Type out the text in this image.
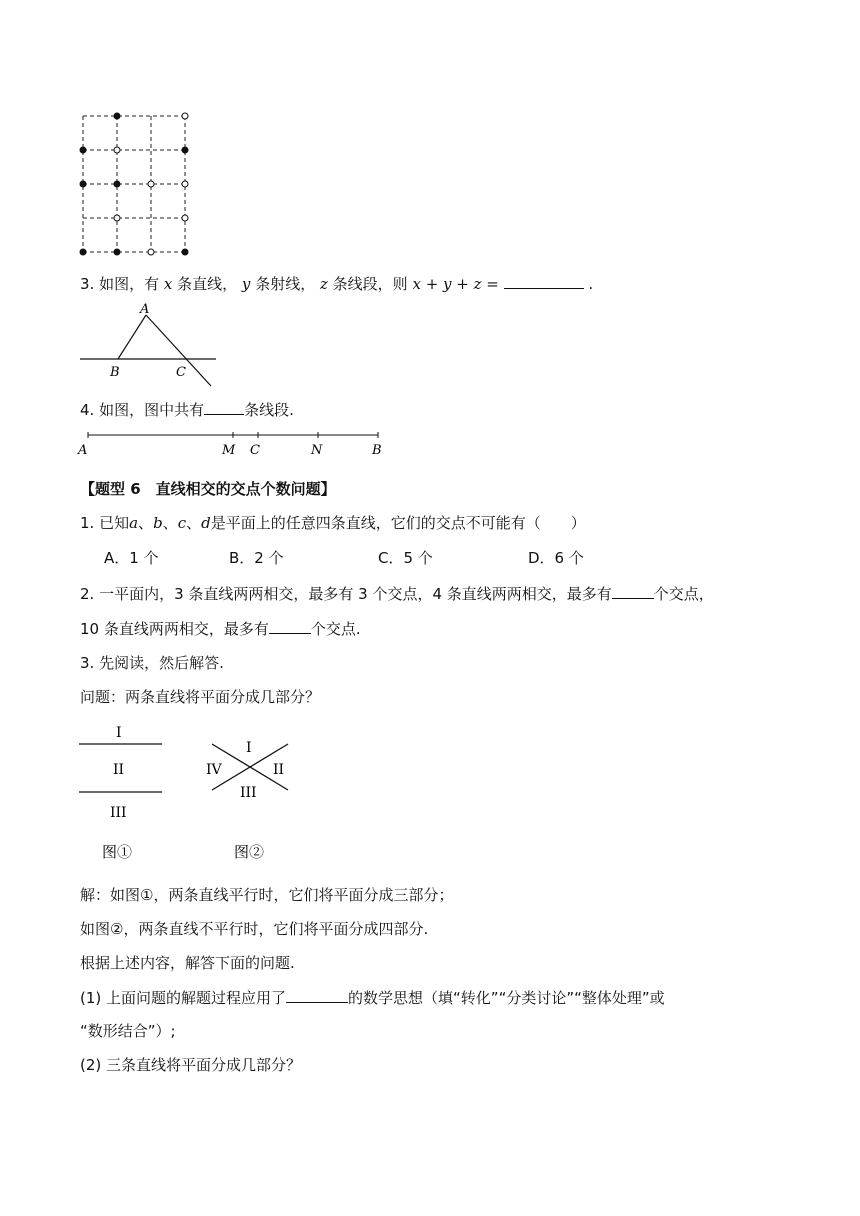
3. 如图，有 x 条直线， y 条射线， z 条线段，则 x + y + z =	.
A
B	C
4. 如图，图中共有	条线段.
A	M C	N	B
【题型 6　直线相交的交点个数问题】
1. 已知a、b、c、d是平面上的任意四条直线，它们的交点不可能有（　　）
A．1 个	B．2 个	C．5 个	D．6 个
2. 一平面内，3 条直线两两相交，最多有 3 个交点，4 条直线两两相交，最多有	个交点，
10 条直线两两相交，最多有	个交点.
3. 先阅读，然后解答.
问题：两条直线将平面分成几部分？
I
II
III
图①
I
II
III
IV
图②
解：如图①，两条直线平行时，它们将平面分成三部分；
如图②，两条直线不平行时，它们将平面分成四部分.
根据上述内容，解答下面的问题.
(1) 上面问题的解题过程应用了	的数学思想（填“转化”“分类讨论”“整体处理”或
“数形结合”）;
(2) 三条直线将平面分成几部分？
